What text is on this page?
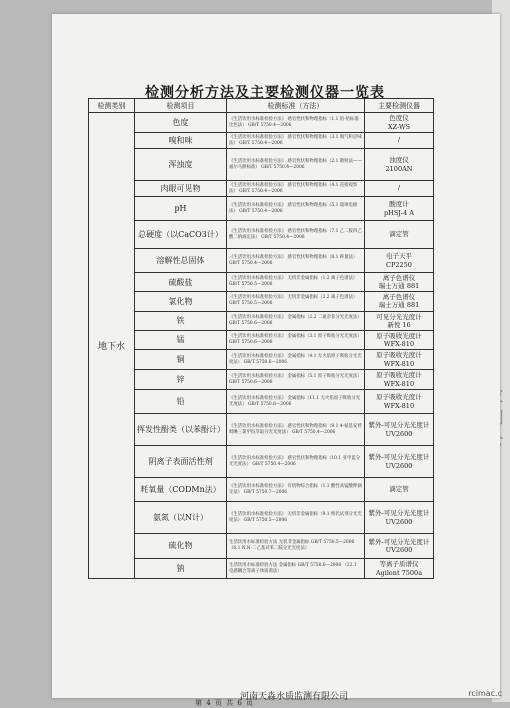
检测分析方法及主要检测仪器一览表
检测类别	检测项目	检测标准（方法）	主要检测仪器
地下水	色度	《生活饮用水标准检验方法》 感官性状和物理指标（1.1 铂-钴标准比色法） GB/T 5750.4—2006	色度仪
XZ-WS
	嗅和味	《生活饮用水标准检验方法》 感官性状和物理指标（3.1 嗅气和尝味法） GB/T 5750.4—2006	/
	浑浊度	《生活饮用水标准检验方法》 感官性状和物理指标（2.1 散射法——福尔马肼标准） GB/T 5750.4—2006	浊度仪
2100AN
	肉眼可见物	《生活饮用水标准检验方法》 感官性状和物理指标（4.1 直接观察法） GB/T 5750.4—2006	/
	pH	《生活饮用水标准检验方法》 感官性状和物理指标（5.1 玻璃电极法） GB/T 5750.4—2006	酸度计
pHSJ-4 A
	总硬度（以CaCO3计）	《生活饮用水标准检验方法》 感官性状和物理指标（7.1 乙二胺四乙酸二钠滴定法） GB/T 5750.4—2006	滴定管
	溶解性总固体	《生活饮用水标准检验方法》 感官性状和物理指标（8.1 称量法） GB/T 5750.4—2006	电子天平
CP2250
	硫酸盐	《生活饮用水标准检验方法》 无机非金属指标（1.2 离子色谱法） GB/T 5750.5—2006	离子色谱仪
瑞士万通 881
	氯化物	《生活饮用水标准检验方法》 无机非金属指标（2.2 离子色谱法） GB/T 5750.5—2006	离子色谱仪
瑞士万通 881
	铁	《生活饮用水标准检验方法》 金属指标（2.2 二氮杂菲分光光度法） GB/T 5750.6—2006	可见分光光度计
新悦 16
	锰	《生活饮用水标准检验方法》 金属指标（3.1 原子吸收分光光度法） GB/T 5750.6—2006	原子吸收光度计
WFX-810
	铜	《生活饮用水标准检验方法》 金属指标（4.1 无火焰原子吸收分光光度法） GB/T 5750.6—2006	原子吸收光度计
WFX-810
	锌	《生活饮用水标准检验方法》 金属指标（5.1 原子吸收分光光度法） GB/T 5750.6—2006	原子吸收光度计
WFX-810
	铅	《生活饮用水标准检验方法》 金属指标（11.1 无火焰原子吸收分光光度法） GB/T 5750.6—2006	原子吸收光度计
WFX-810
	挥发性酚类（以苯酚计）	《生活饮用水标准检验方法》 感官性状和物理指标（9.1 4-氨基安替吡啉三氯甲烷萃取分光光度法） GB/T 5750.4—2006	紫外-可见分光光度计
UV2600
	阴离子表面活性剂	《生活饮用水标准检验方法》 感官性状和物理指标（10.1 亚甲蓝分光光度法） GB/T 5750.4—2006	紫外-可见分光光度计
UV2600
	耗氧量（CODMn法）	《生活饮用水标准检验方法》 有机物综合指标（1.1 酸性高锰酸钾滴定法） GB/T 5750.7—2006	滴定管
	氨氮（以N计）	《生活饮用水标准检验方法》 无机非金属指标（9.1 纳氏试剂分光光度法） GB/T 5750.5—2006	紫外-可见分光光度计
UV2600
	硫化物	生活饮用水标准检验方法 无机非金属指标 GB/T 5750.5—2006 （6.1 N,N-二乙基对苯二胺分光光度法）	紫外-可见分光光度计
UV2600
	钠	生活饮用水标准检验方法 金属指标 GB/T 5750.6—2006 （22.1 电感耦合等离子体质谱法）	等离子质谱仪
Agilent 7500a
河南天淼水质监测有限公司
第 4 页 共 6 页
rcimac.c
